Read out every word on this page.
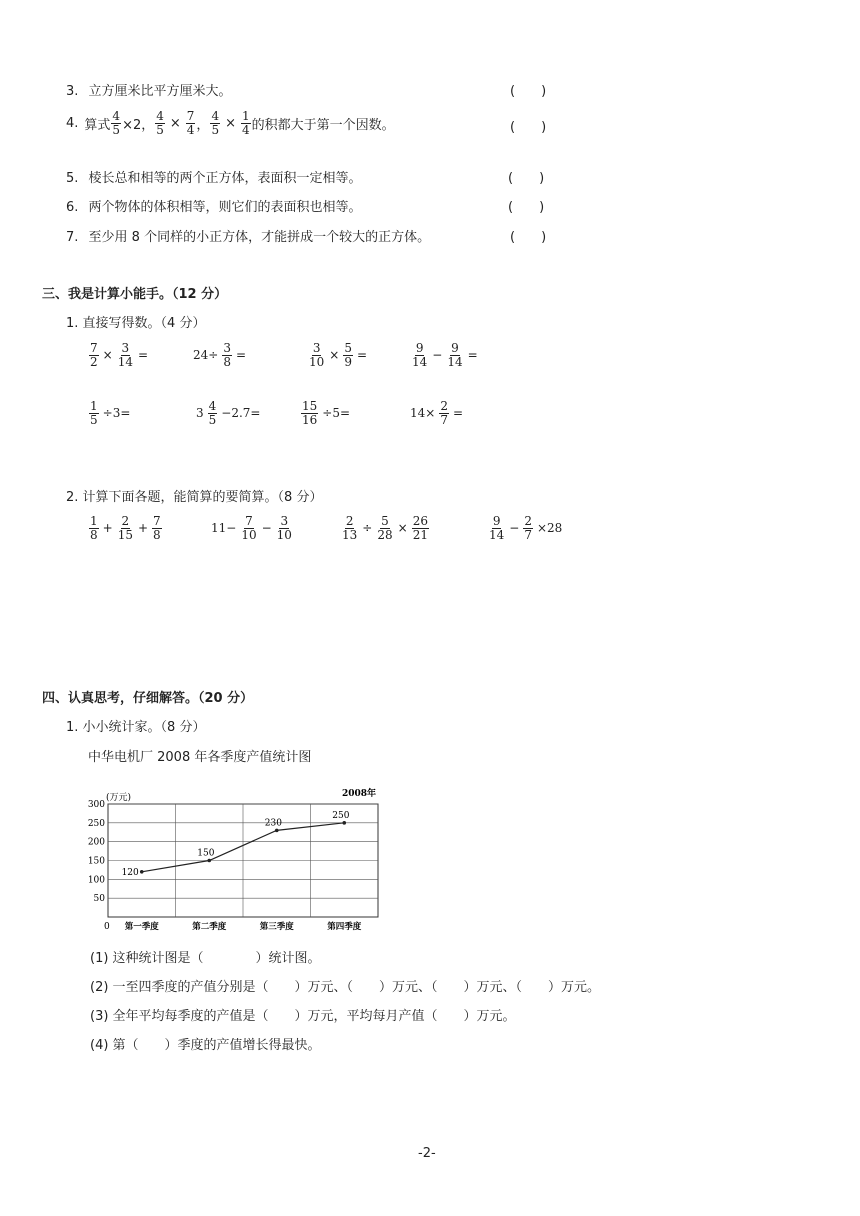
3. 立方厘米比平方厘米大。	(　　)
4. 算式 $\frac{4}{5} \times 2$， $\frac{4}{5} \times \frac{7}{4}$ ， $\frac{4}{5} \times \frac{1}{4}$ 的积都大于第一个因数。	(　　)
5. 棱长总和相等的两个正方体，表面积一定相等。	(　　)
6. 两个物体的体积相等，则它们的表面积也相等。	(　　)
7. 至少用 8 个同样的小正方体，才能拼成一个较大的正方体。	(　　)
三、我是计算小能手。（12 分）
1. 直接写得数。（4 分）
$\frac{7}{2} \times \frac{3}{14}$ =	$24\div \frac{3}{8}$ =	$\frac{3}{10} \times \frac{5}{9}$ =	$\frac{9}{14} - \frac{9}{14}$ =
$\frac{1}{5} \div 3=$	$3 \frac{4}{5} -2.7=$	$\frac{15}{16} \div 5=$	$14\times \frac{2}{7}$ =
2. 计算下面各题，能简算的要简算。（8 分）
$\frac{1}{8} + \frac{2}{15} + \frac{7}{8}$	$11- \frac{7}{10} - \frac{3}{10}$	$\frac{2}{13} \div \frac{5}{28} \times \frac{26}{21}$	$\frac{9}{14} - \frac{2}{7} \times 28$
四、认真思考，仔细解答。（20 分）
1. 小小统计家。（8 分）
中华电机厂 2008 年各季度产值统计图
(万元)	2008年
0
300
250
200
150
100
50
第一季度	第二季度	第三季度	第四季度
120
150
230
250
(1) 这种统计图是（　　　　）统计图。
(2) 一至四季度的产值分别是（　　）万元、（　　）万元、（　　）万元、（　　）万元。
(3) 全年平均每季度的产值是（　　）万元，平均每月产值（　　）万元。
(4) 第（　　）季度的产值增长得最快。
-2-
